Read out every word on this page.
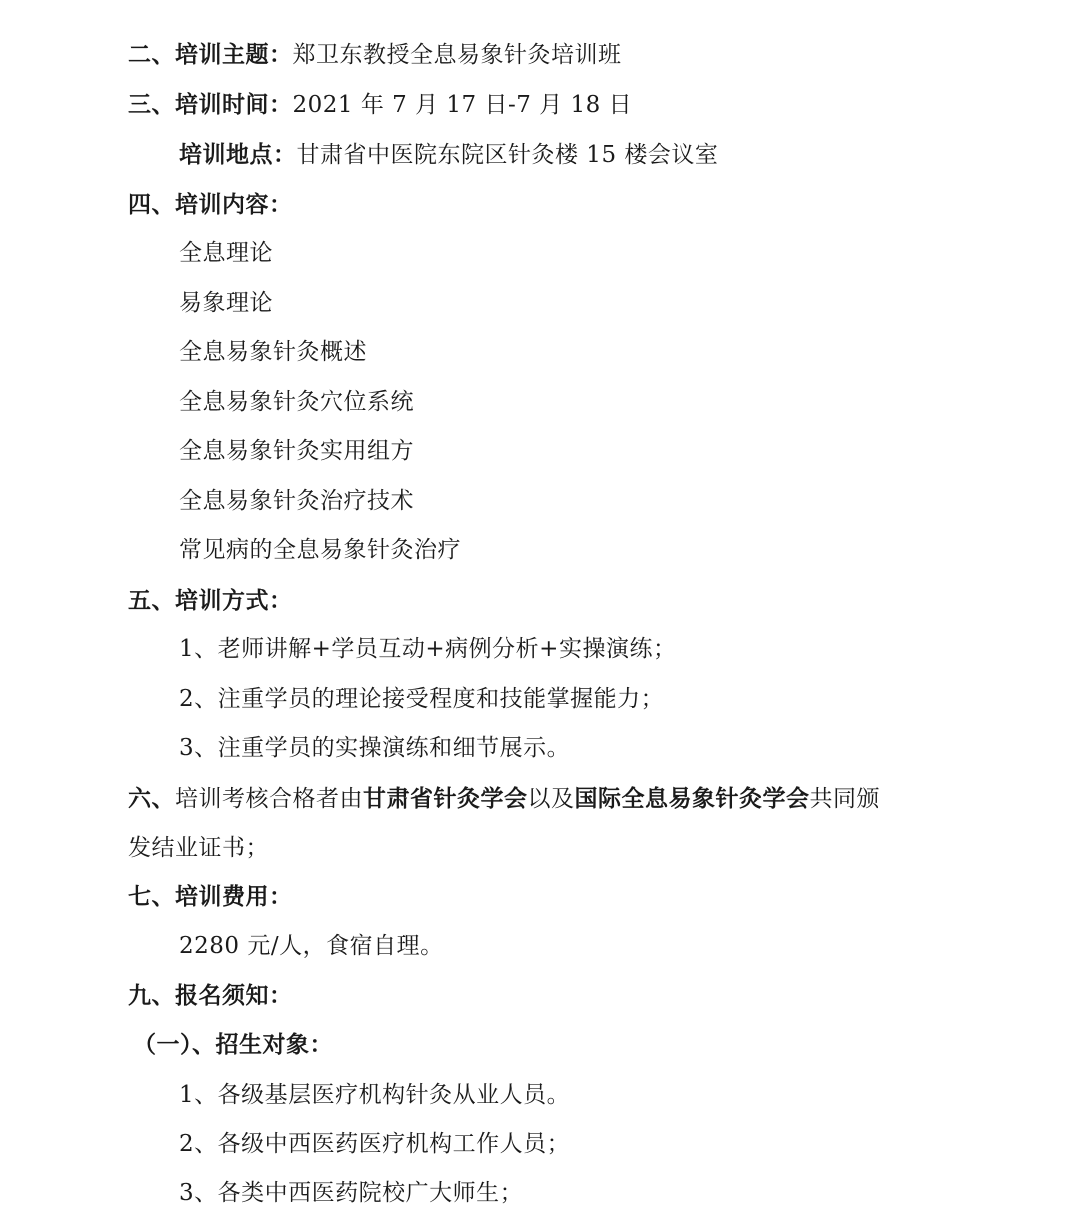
二、培训主题：郑卫东教授全息易象针灸培训班
三、培训时间：2021 年 7 月 17 日-7 月 18 日
培训地点：甘肃省中医院东院区针灸楼 15 楼会议室
四、培训内容：
全息理论
易象理论
全息易象针灸概述
全息易象针灸穴位系统
全息易象针灸实用组方
全息易象针灸治疗技术
常见病的全息易象针灸治疗
五、培训方式：
1、老师讲解+学员互动+病例分析+实操演练；
2、注重学员的理论接受程度和技能掌握能力；
3、注重学员的实操演练和细节展示。
六、培训考核合格者由甘肃省针灸学会以及国际全息易象针灸学会共同颁
发结业证书；
七、培训费用：
2280 元/人，食宿自理。
九、报名须知：
（一）、招生对象：
1、各级基层医疗机构针灸从业人员。
2、各级中西医药医疗机构工作人员；
3、各类中西医药院校广大师生；
